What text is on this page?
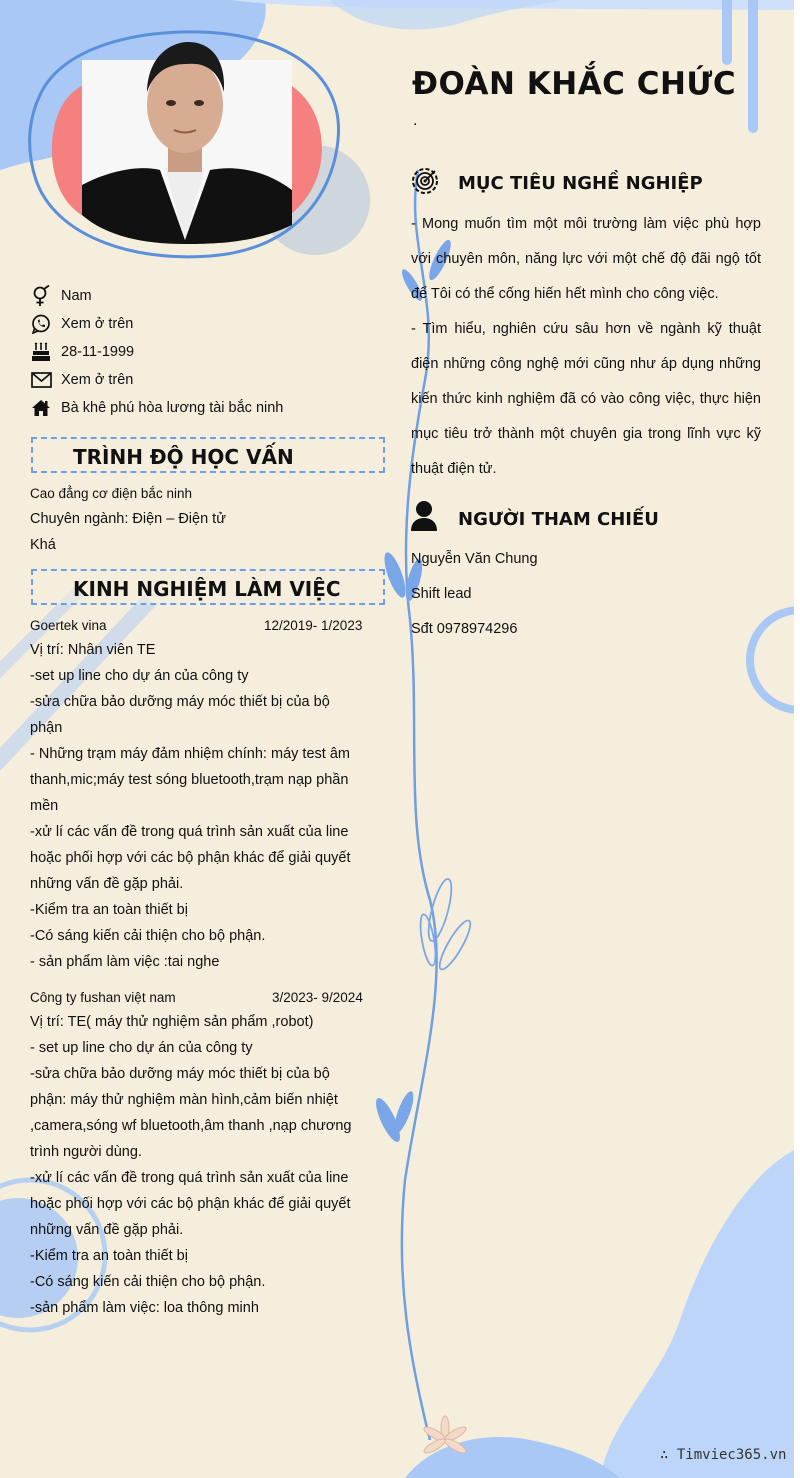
ĐOÀN KHẮC CHỨC
.
MỤC TIÊU NGHỀ NGHIỆP

- Mong muốn tìm một môi trường làm việc phù hợp với chuyên môn, năng lực với một chế độ đãi ngộ tốt để Tôi có thể cống hiến hết mình cho công việc.

- Tìm hiểu, nghiên cứu sâu hơn về ngành kỹ thuật điện những công nghệ mới cũng như áp dụng những kiến thức kinh nghiệm đã có vào công việc, thực hiện mục tiêu trở thành một chuyên gia trong lĩnh vực kỹ thuật điện tử.

NGƯỜI THAM CHIẾU
Nguyễn Văn Chung
Shift lead
Sđt 0978974296
Nam
Xem ở trên
28-11-1999
Xem ở trên
Bà khê phú hòa lương tài bắc ninh
TRÌNH ĐỘ HỌC VẤN
Cao đẳng cơ điện bắc ninh
Chuyên ngành: Điện – Điện tử
Khá
KINH NGHIỆM LÀM VIỆC
Goertek vina	12/2019- 1/2023
Vị trí: Nhân viên TE
-set up line cho dự án của công ty
-sửa chữa bảo dưỡng máy móc thiết bị của bộ
phận
- Những trạm máy đảm nhiệm chính: máy test âm
thanh,mic;máy test sóng bluetooth,trạm nạp phần
mền
-xử lí các vấn đề trong quá trình sản xuất của line
hoặc phối hợp với các bộ phận khác để giải quyết
những vấn đề gặp phải.
-Kiểm tra an toàn thiết bị
-Có sáng kiến cải thiện cho bộ phận.
- sản phẩm làm việc :tai nghe
Công ty fushan việt nam	3/2023- 9/2024
Vị trí: TE( máy thử nghiệm sản phẩm ,robot)
- set up line cho dự án của công ty
-sửa chữa bảo dưỡng máy móc thiết bị của bộ
phận: máy thử nghiệm màn hình,cảm biến nhiệt
,camera,sóng wf bluetooth,âm thanh ,nạp chương
trình người dùng.
-xử lí các vấn đề trong quá trình sản xuất của line
hoặc phối hợp với các bộ phận khác để giải quyết
những vấn đề gặp phải.
-Kiểm tra an toàn thiết bị
-Có sáng kiến cải thiện cho bộ phận.
-sản phẩm làm việc: loa thông minh
∴ Timviec365.vn
